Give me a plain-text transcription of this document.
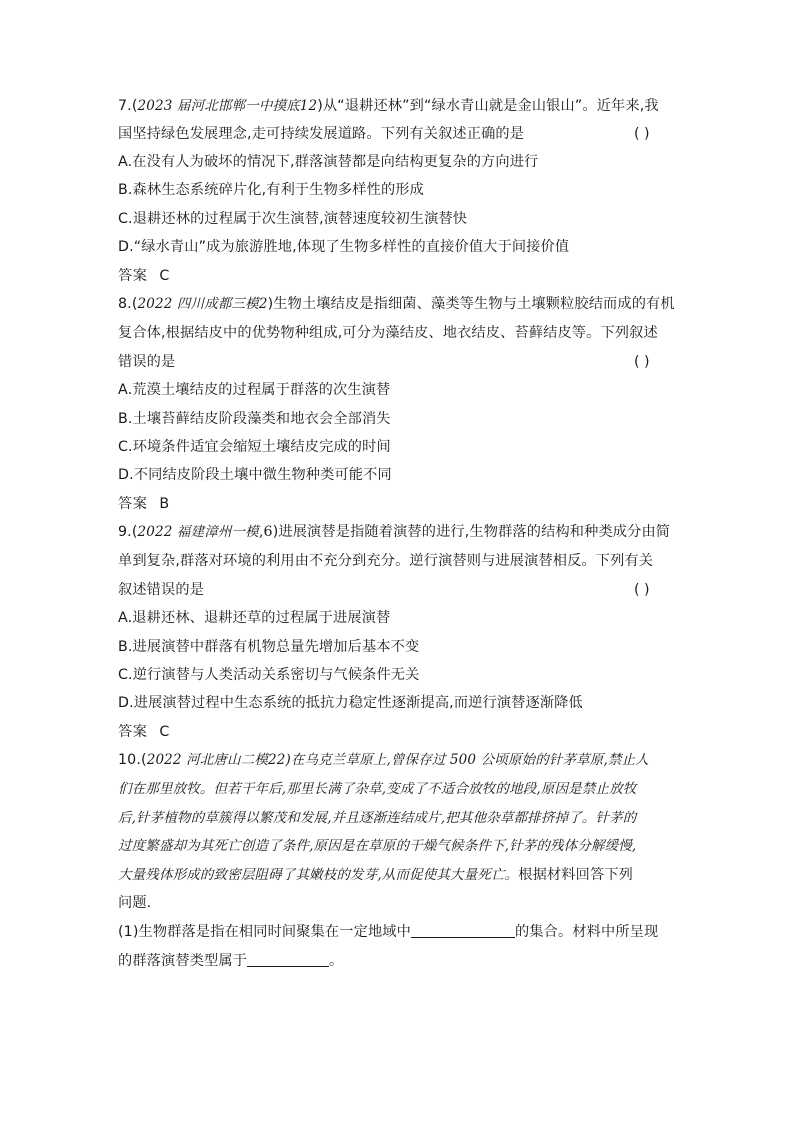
7.(2023 届河北邯郸一中摸底12)从“退耕还林”到“绿水青山就是金山银山”。近年来,我
国坚持绿色发展理念,走可持续发展道路。下列有关叙述正确的是	( )
A.在没有人为破坏的情况下,群落演替都是向结构更复杂的方向进行
B.森林生态系统碎片化,有利于生物多样性的形成
C.退耕还林的过程属于次生演替,演替速度较初生演替快
D.“绿水青山”成为旅游胜地,体现了生物多样性的直接价值大于间接价值
答案 C
8.(2022 四川成都三模2)生物土壤结皮是指细菌、藻类等生物与土壤颗粒胶结而成的有机
复合体,根据结皮中的优势物种组成,可分为藻结皮、地衣结皮、苔藓结皮等。下列叙述
错误的是	( )
A.荒漠土壤结皮的过程属于群落的次生演替
B.土壤苔藓结皮阶段藻类和地衣会全部消失
C.环境条件适宜会缩短土壤结皮完成的时间
D.不同结皮阶段土壤中微生物种类可能不同
答案 B
9.(2022 福建漳州一模,6)进展演替是指随着演替的进行,生物群落的结构和种类成分由简
单到复杂,群落对环境的利用由不充分到充分。逆行演替则与进展演替相反。下列有关
叙述错误的是	( )
A.退耕还林、退耕还草的过程属于进展演替
B.进展演替中群落有机物总量先增加后基本不变
C.逆行演替与人类活动关系密切与气候条件无关
D.进展演替过程中生态系统的抵抗力稳定性逐渐提高,而逆行演替逐渐降低
答案 C
10.(2022 河北唐山二模22)在乌克兰草原上,曾保存过 500 公顷原始的针茅草原,禁止人
们在那里放牧。但若干年后,那里长满了杂草,变成了不适合放牧的地段,原因是禁止放牧
后,针茅植物的草簇得以繁茂和发展,并且逐渐连结成片,把其他杂草都排挤掉了。针茅的
过度繁盛却为其死亡创造了条件,原因是在草原的干燥气候条件下,针茅的残体分解缓慢,
大量残体形成的致密层阻碍了其嫩枝的发芽,从而促使其大量死亡。根据材料回答下列
问题.
(1)生物群落是指在相同时间聚集在一定地域中	的集合。材料中所呈现
的群落演替类型属于	。
